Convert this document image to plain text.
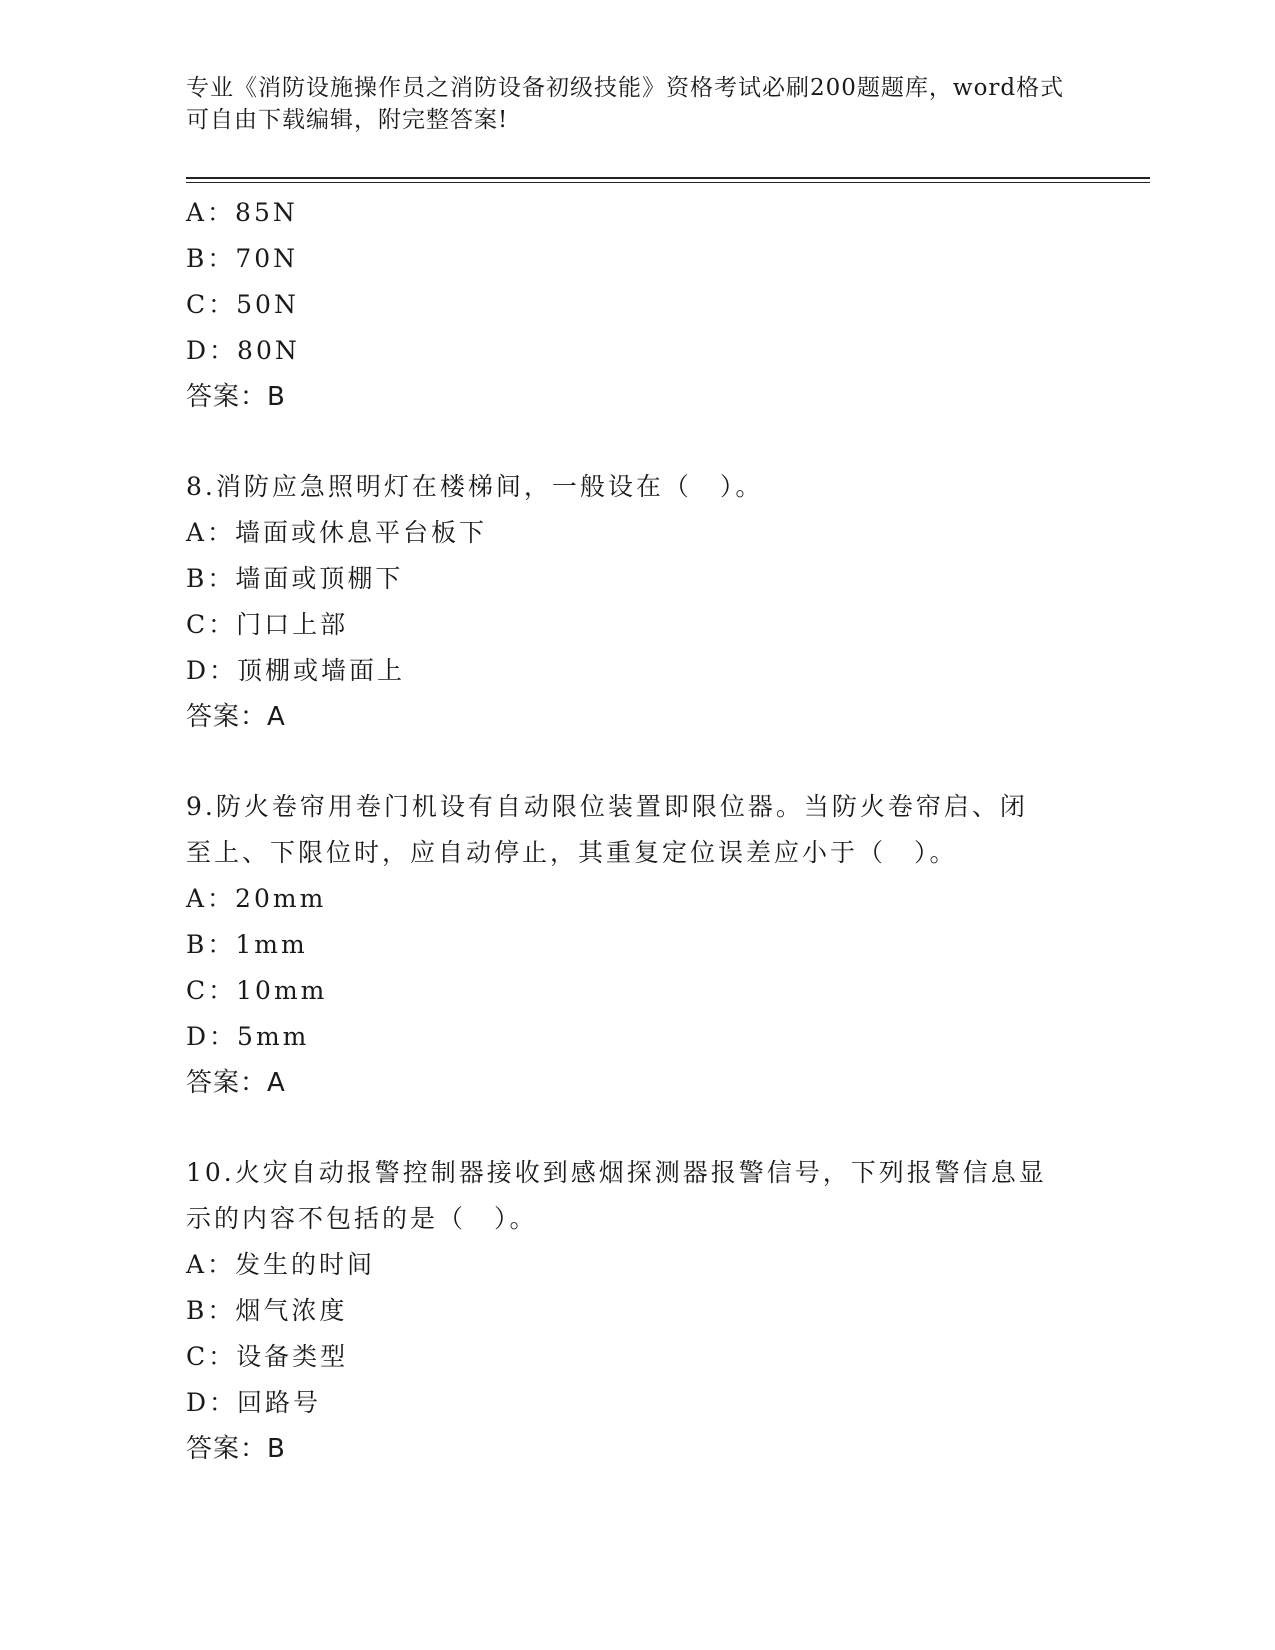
专业《消防设施操作员之消防设备初级技能》资格考试必刷200题题库，word格式可自由下载编辑，附完整答案!
A：85N
B：70N
C：50N
D：80N
答案：B
8.消防应急照明灯在楼梯间，一般设在（　）。
A：墙面或休息平台板下
B：墙面或顶棚下
C：门口上部
D：顶棚或墙面上
答案：A
9.防火卷帘用卷门机设有自动限位装置即限位器。当防火卷帘启、闭
至上、下限位时，应自动停止，其重复定位误差应小于（　）。
A：20mm
B：1mm
C：10mm
D：5mm
答案：A
10.火灾自动报警控制器接收到感烟探测器报警信号，下列报警信息显
示的内容不包括的是（　）。
A：发生的时间
B：烟气浓度
C：设备类型
D：回路号
答案：B
